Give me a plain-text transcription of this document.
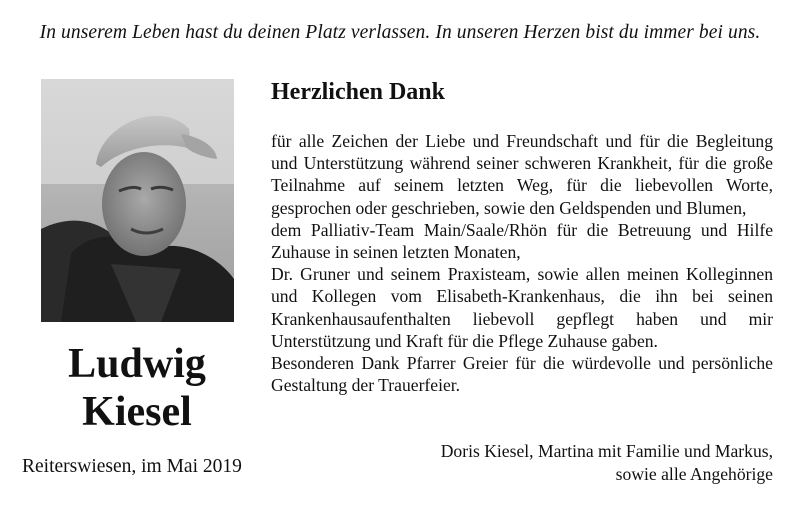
In unserem Leben hast du deinen Platz verlassen. In unseren Herzen bist du immer bei uns.
Ludwig
Kiesel
Reiterswiesen, im Mai 2019
Herzlichen Dank

für alle Zeichen der Liebe und Freundschaft und für die Begleitung und Unterstützung während seiner schweren Krankheit, für die große Teilnahme auf seinem letzten Weg, für die liebevollen Worte, gesprochen oder geschrieben, sowie den Geldspenden und Blumen,

dem Palliativ-Team Main/Saale/Rhön für die Betreuung und Hilfe Zuhause in seinen letzten Monaten,

Dr. Gruner und seinem Praxisteam, sowie allen meinen Kolleginnen und Kollegen vom Elisabeth-Krankenhaus, die ihn bei seinen Krankenhausaufenthalten liebevoll gepflegt haben und mir Unterstützung und Kraft für die Pflege Zuhause gaben.

Besonderen Dank Pfarrer Greier für die würdevolle und persönliche Gestaltung der Trauerfeier.

Doris Kiesel, Martina mit Familie und Markus,
sowie alle Angehörige
